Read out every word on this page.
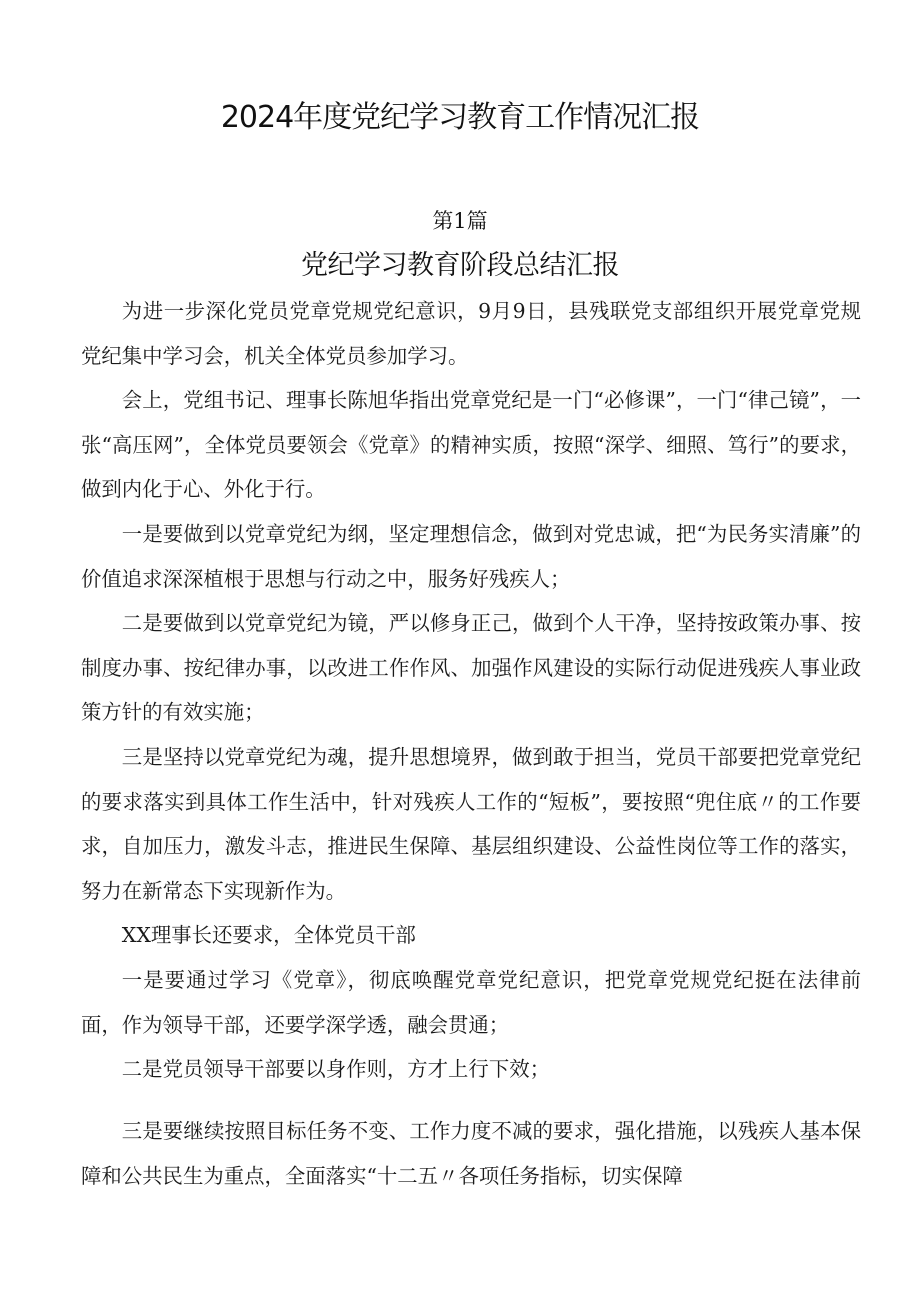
2024年度党纪学习教育工作情况汇报
第1篇
党纪学习教育阶段总结汇报

为进一步深化党员党章党规党纪意识，9月9日，县残联党支部组织开展党章党规党纪集中学习会，机关全体党员参加学习。

会上，党组书记、理事长陈旭华指出党章党纪是一门“必修课”，一门“律己镜”，一张“高压网”，全体党员要领会《党章》的精神实质，按照“深学、细照、笃行”的要求，做到内化于心、外化于行。

一是要做到以党章党纪为纲，坚定理想信念，做到对党忠诚，把“为民务实清廉”的价值追求深深植根于思想与行动之中，服务好残疾人；

二是要做到以党章党纪为镜，严以修身正己，做到个人干净，坚持按政策办事、按制度办事、按纪律办事，以改进工作作风、加强作风建设的实际行动促进残疾人事业政策方针的有效实施；

三是坚持以党章党纪为魂，提升思想境界，做到敢于担当，党员干部要把党章党纪的要求落实到具体工作生活中，针对残疾人工作的“短板”，要按照“兜住底〃的工作要求，自加压力，激发斗志，推进民生保障、基层组织建设、公益性岗位等工作的落实，努力在新常态下实现新作为。

XX理事长还要求，全体党员干部

一是要通过学习《党章》，彻底唤醒党章党纪意识，把党章党规党纪挺在法律前面，作为领导干部，还要学深学透，融会贯通；

二是党员领导干部要以身作则，方才上行下效；

三是要继续按照目标任务不变、工作力度不减的要求，强化措施，以残疾人基本保障和公共民生为重点，全面落实“十二五〃各项任务指标，切实保障
